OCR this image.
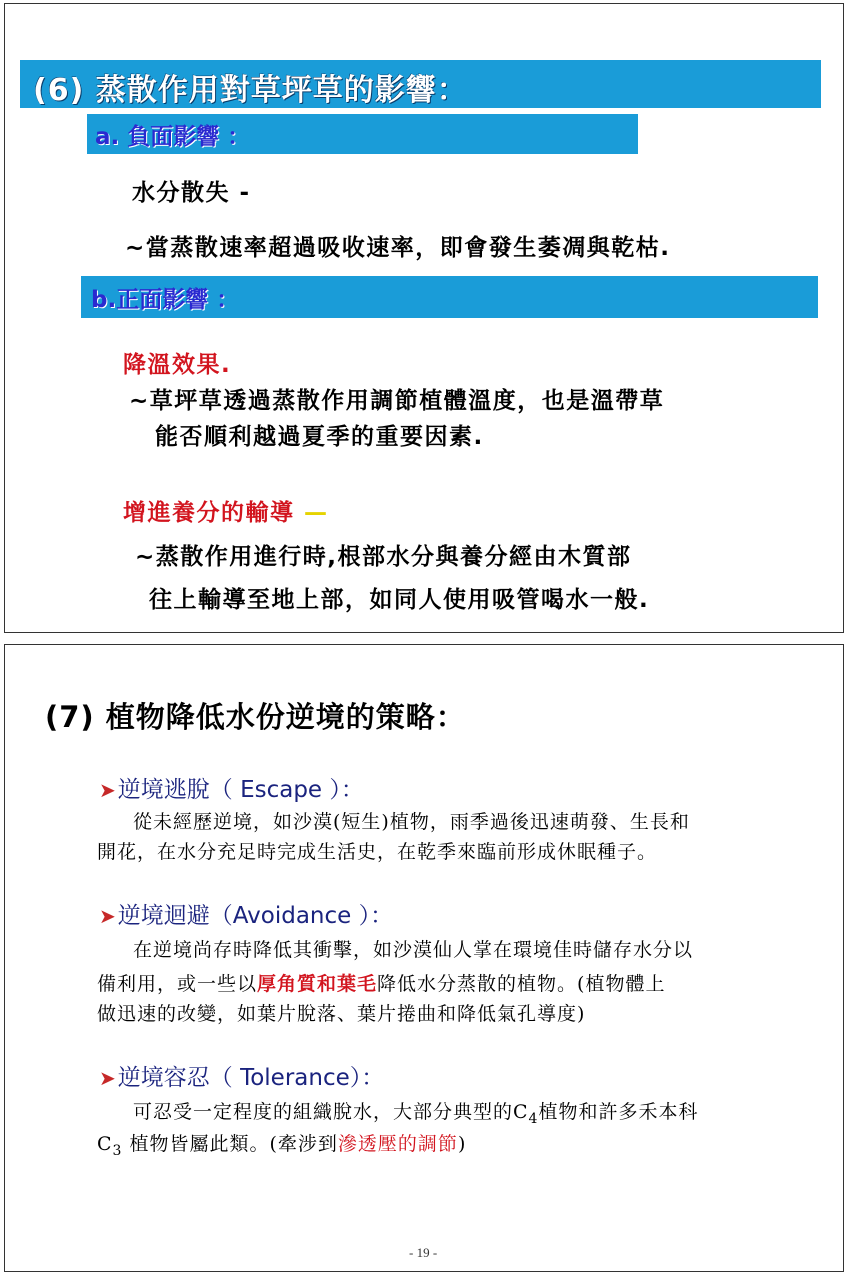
(6) 蒸散作用對草坪草的影響：
a. 負面影響 ：
水分散失 -
~當蒸散速率超過吸收速率，即會發生萎凋與乾枯.
b.正面影響 ：
降溫效果.
~草坪草透過蒸散作用調節植體溫度，也是溫帶草
能否順利越過夏季的重要因素.
增進養分的輸導 —
~蒸散作用進行時,根部水分與養分經由木質部
往上輸導至地上部，如同人使用吸管喝水一般.
(7) 植物降低水份逆境的策略：
➤逆境逃脫（ Escape ）：
從未經歷逆境，如沙漠(短生)植物，雨季過後迅速萌發、生長和
開花，在水分充足時完成生活史，在乾季來臨前形成休眠種子。
➤逆境迴避（Avoidance ）：
在逆境尚存時降低其衝擊，如沙漠仙人掌在環境佳時儲存水分以
備利用，或一些以厚角質和葉毛降低水分蒸散的植物。(植物體上
做迅速的改變，如葉片脫落、葉片捲曲和降低氣孔導度)
➤逆境容忍（ Tolerance）：
可忍受一定程度的組織脫水，大部分典型的$C_4$植物和許多禾本科
$C_3$ 植物皆屬此類。(牽涉到滲透壓的調節)
- 19 -
